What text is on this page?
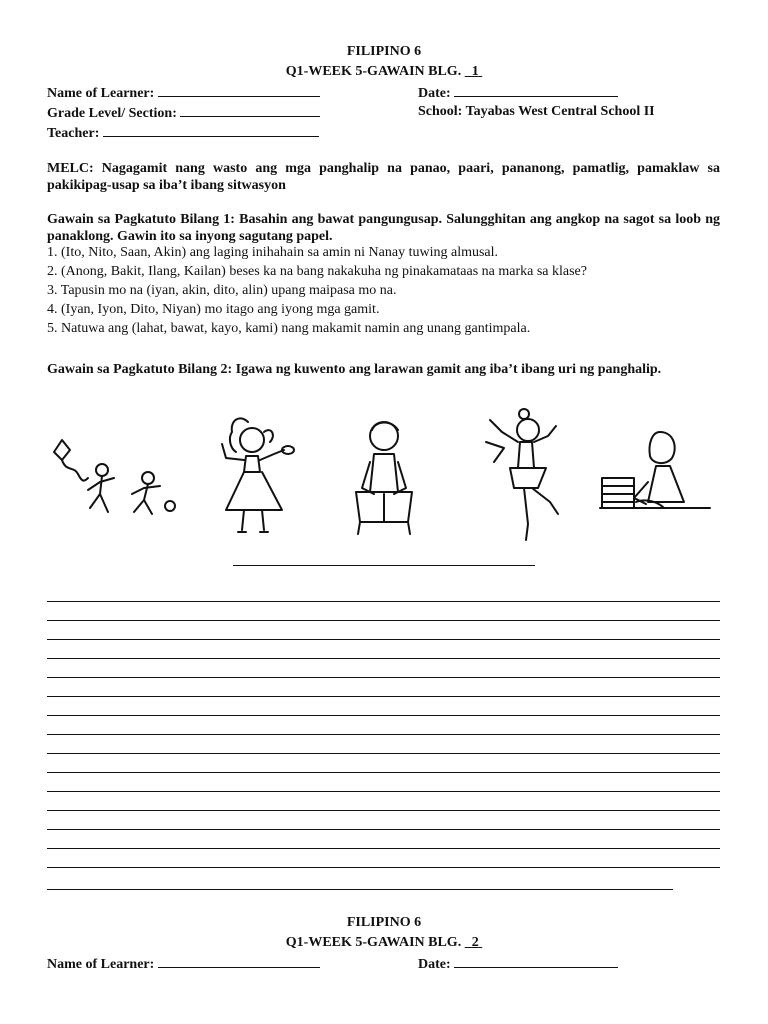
FILIPINO 6
Q1-WEEK 5-GAWAIN BLG.   1
Name of Learner:	Date:
Grade Level/ Section:	School: Tayabas West Central School II
Teacher:
MELC: Nagagamit nang wasto ang mga panghalip na panao, paari, pananong, pamatlig, pamaklaw sa pakikipag-usap sa iba’t ibang sitwasyon
Gawain sa Pagkatuto Bilang 1: Basahin ang bawat pangungusap. Salungghitan ang angkop na sagot sa loob ng panaklong. Gawin ito sa inyong sagutang papel.
1. (Ito, Nito, Saan, Akin) ang laging inihahain sa amin ni Nanay tuwing almusal.
2. (Anong, Bakit, Ilang, Kailan) beses ka na bang nakakuha ng pinakamataas na marka sa klase?
3. Tapusin mo na (iyan, akin, dito, alin) upang maipasa mo na.
4. (Iyan, Iyon, Dito, Niyan) mo itago ang iyong mga gamit.
5. Natuwa ang (lahat, bawat, kayo, kami) nang makamit namin ang unang gantimpala.
Gawain sa Pagkatuto Bilang 2: Igawa ng kuwento ang larawan gamit ang iba’t ibang uri ng panghalip.
FILIPINO 6
Q1-WEEK 5-GAWAIN BLG.   2
Name of Learner:	Date:
